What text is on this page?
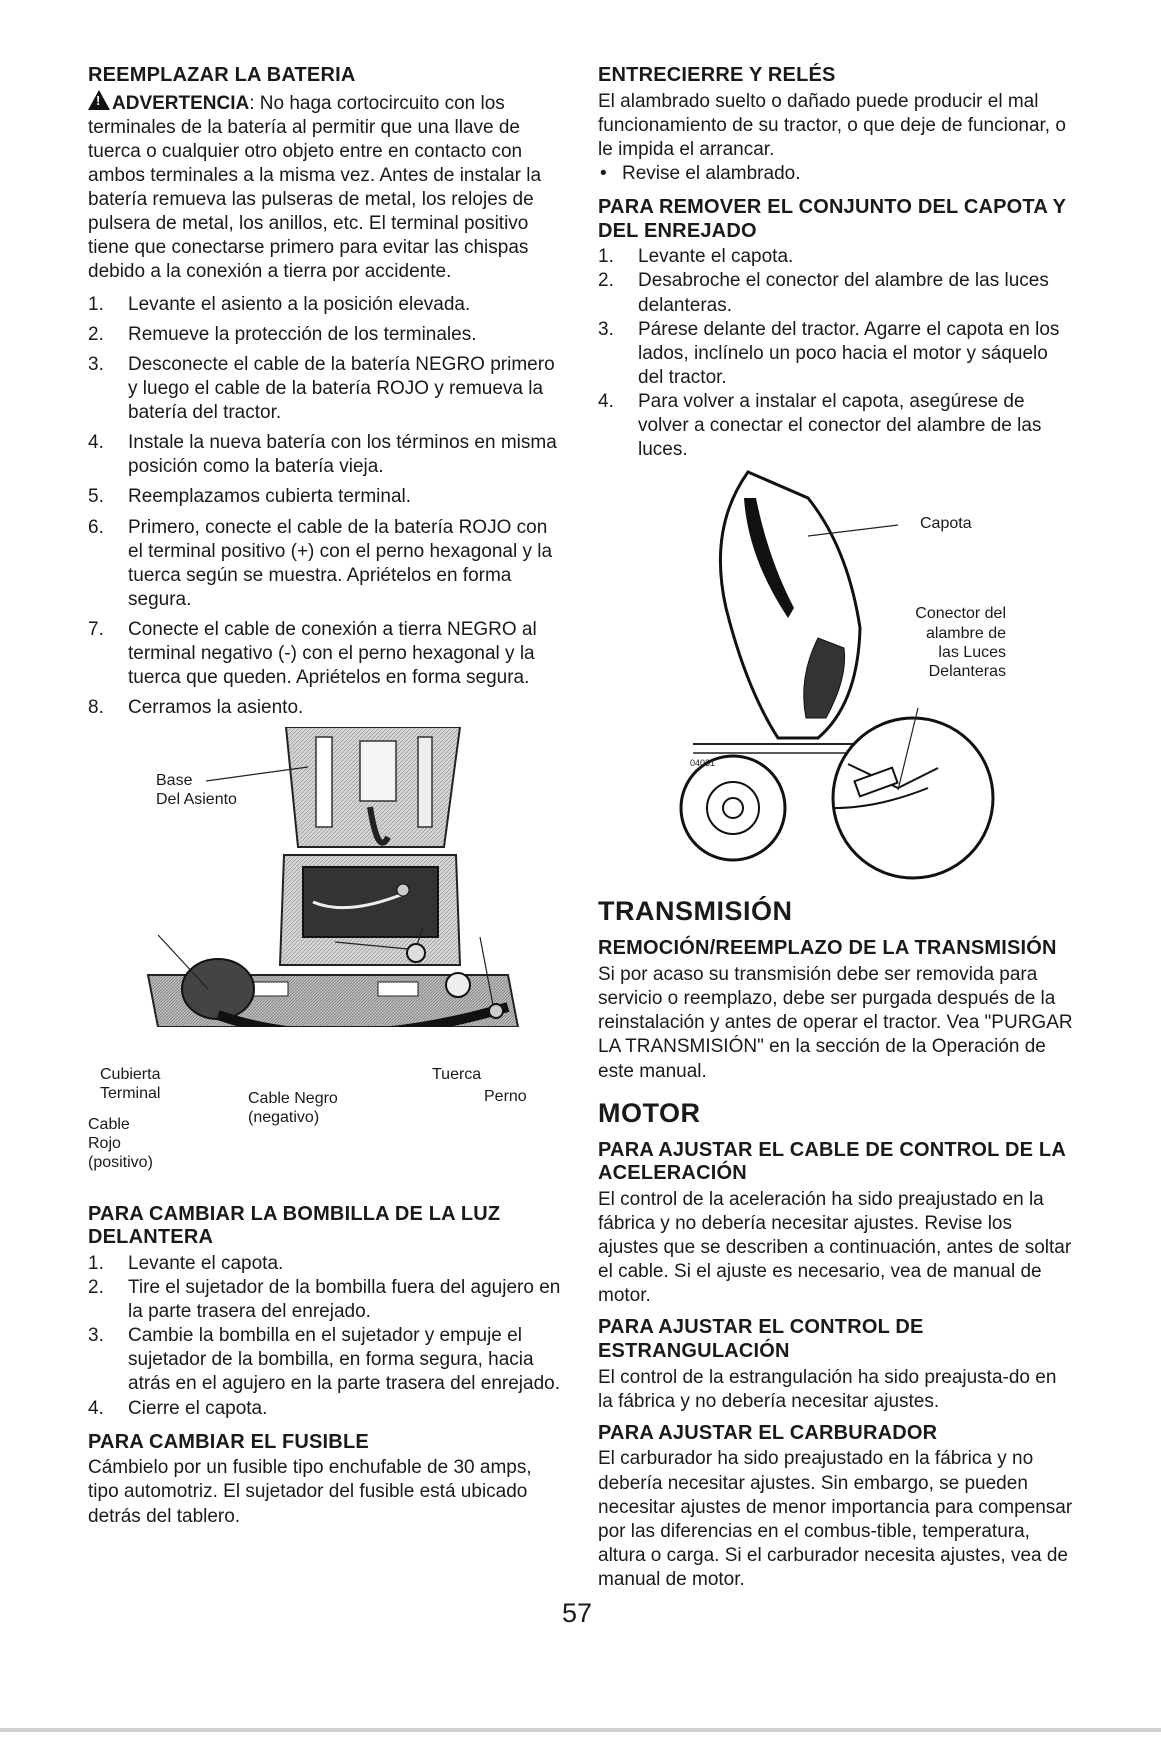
REEMPLAZAR LA BATERIA

!ADVERTENCIA: No haga cortocircuito con los terminales de la batería al permitir que una llave de tuerca o cualquier otro objeto entre en contacto con ambos terminales a la misma vez. Antes de instalar la batería remueva las pulseras de metal, los relojes de pulsera de metal, los anillos, etc. El terminal positivo tiene que conectarse primero para evitar las chispas debido a la conexión a tierra por accidente.

1. Levante el asiento a la posición elevada.
2. Remueve la protección de los terminales.
3. Desconecte el cable de la batería NEGRO primero y luego el cable de la batería ROJO y remueva la batería del tractor.
4. Instale la nueva batería con los términos en misma posición como la batería vieja.
5. Reemplazamos cubierta terminal.
6. Primero, conecte el cable de la batería ROJO con el terminal positivo (+) con el perno hexagonal y la tuerca según se muestra. Apriételos en forma segura.
7. Conecte el cable de conexión a tierra NEGRO al terminal negativo (-) con el perno hexagonal y la tuerca que queden. Apriételos en forma segura.
8. Cerramos la asiento.
Base
Del Asiento
Cubierta
Terminal
Tuerca
Cable Negro
(negativo)
Perno
Cable
Rojo
(positivo)
PARA CAMBIAR LA BOMBILLA DE LA LUZ DELANTERA
1. Levante el capota.
2. Tire el sujetador de la bombilla fuera del agujero en la parte trasera del enrejado.
3. Cambie la bombilla en el sujetador y empuje el sujetador de la bombilla, en forma segura, hacia atrás en el agujero en la parte trasera del enrejado.
4. Cierre el capota.
PARA CAMBIAR EL FUSIBLE

Cámbielo por un fusible tipo enchufable de 30 amps, tipo automotriz. El sujetador del fusible está ubicado detrás del tablero.

ENTRECIERRE Y RELÉS

El alambrado suelto o dañado puede producir el mal funcionamiento de su tractor, o que deje de funcionar, o le impida el arrancar.

• Revise el alambrado.
PARA REMOVER EL CONJUNTO DEL CAPOTA Y DEL ENREJADO
1. Levante el capota.
2. Desabroche el conector del alambre de las luces delanteras.
3. Párese delante del tractor. Agarre el capota en los lados, inclínelo un poco hacia el motor y sáquelo del tractor.
4. Para volver a instalar el capota, asegúrese de volver a conectar el conector del alambre de las luces.
Capota
Conector del
alambre de
las Luces
Delanteras
04031
TRANSMISIÓN
REMOCIÓN/REEMPLAZO DE LA TRANSMISIÓN

Si por acaso su transmisión debe ser removida para servicio o reemplazo, debe ser purgada después de la reinstalación y antes de operar el tractor. Vea "PURGAR LA TRANSMISIÓN" en la sección de la Operación de este manual.

MOTOR
PARA AJUSTAR EL CABLE DE CONTROL DE LA ACELERACIÓN

El control de la aceleración ha sido preajustado en la fábrica y no debería necesitar ajustes. Revise los ajustes que se describen a continuación, antes de soltar el cable. Si el ajuste es necesario, vea de manual de motor.

PARA AJUSTAR EL CONTROL DE ESTRANGULACIÓN

El control de la estrangulación ha sido preajusta-do en la fábrica y no debería necesitar ajustes.

PARA AJUSTAR EL CARBURADOR

El carburador ha sido preajustado en la fábrica y no debería necesitar ajustes. Sin embargo, se pueden necesitar ajustes de menor importancia para compensar por las diferencias en el combus-tible, temperatura, altura o carga. Si el carburador necesita ajustes, vea de manual de motor.

57
